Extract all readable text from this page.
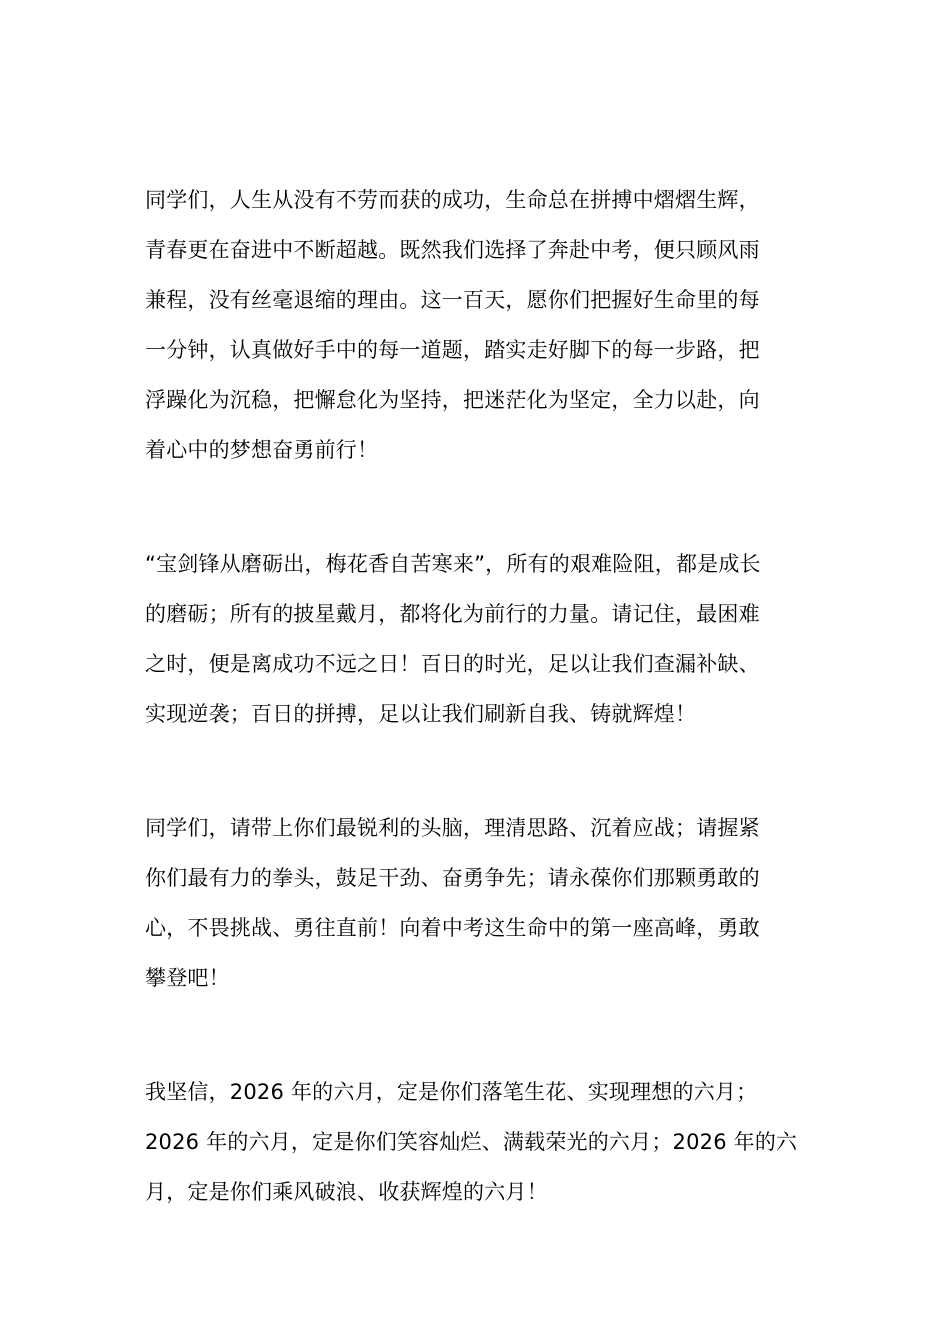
同学们，人生从没有不劳而获的成功，生命总在拼搏中熠熠生辉，
青春更在奋进中不断超越。既然我们选择了奔赴中考，便只顾风雨
兼程，没有丝毫退缩的理由。这一百天，愿你们把握好生命里的每
一分钟，认真做好手中的每一道题，踏实走好脚下的每一步路，把
浮躁化为沉稳，把懈怠化为坚持，把迷茫化为坚定，全力以赴，向
着心中的梦想奋勇前行！

“宝剑锋从磨砺出，梅花香自苦寒来”，所有的艰难险阻，都是成长
的磨砺；所有的披星戴月，都将化为前行的力量。请记住，最困难
之时，便是离成功不远之日！百日的时光，足以让我们查漏补缺、
实现逆袭；百日的拼搏，足以让我们刷新自我、铸就辉煌！

同学们，请带上你们最锐利的头脑，理清思路、沉着应战；请握紧
你们最有力的拳头，鼓足干劲、奋勇争先；请永葆你们那颗勇敢的
心，不畏挑战、勇往直前！向着中考这生命中的第一座高峰，勇敢
攀登吧！

我坚信，2026 年的六月，定是你们落笔生花、实现理想的六月；
2026 年的六月，定是你们笑容灿烂、满载荣光的六月；2026 年的六
月，定是你们乘风破浪、收获辉煌的六月！
